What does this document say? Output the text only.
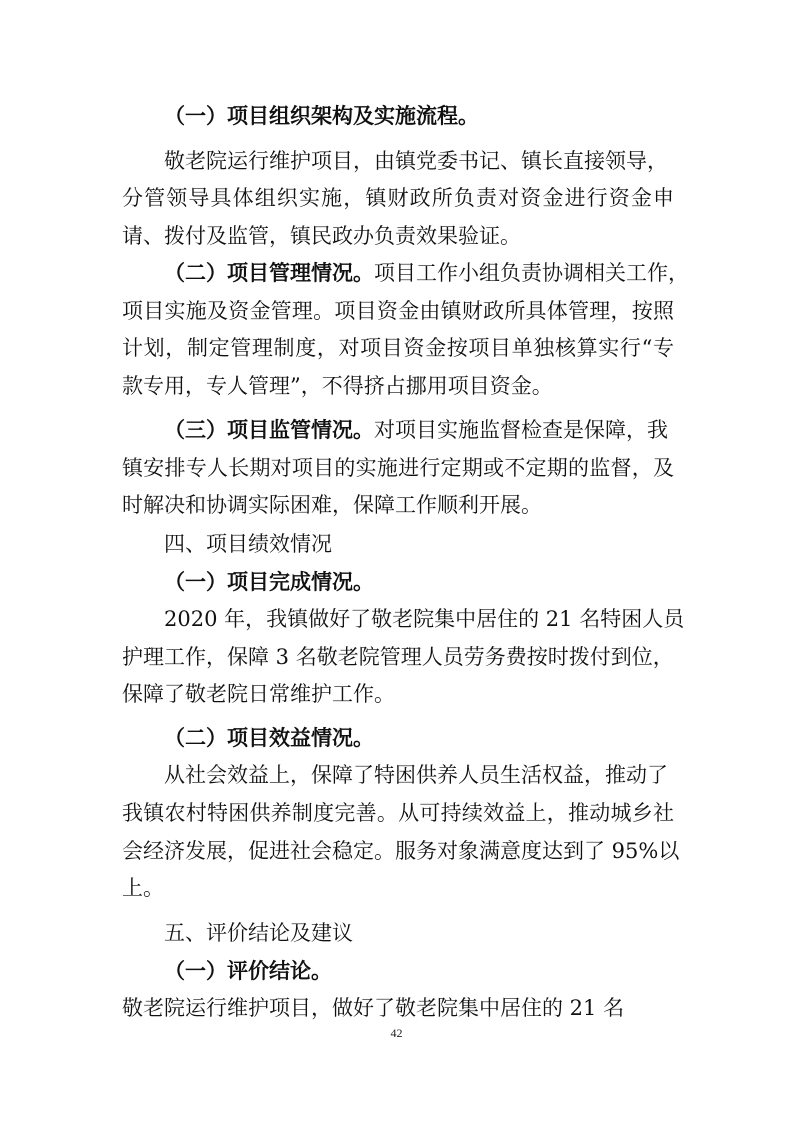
（一）项目组织架构及实施流程。
敬老院运行维护项目，由镇党委书记、镇长直接领导，
分管领导具体组织实施，镇财政所负责对资金进行资金申
请、拨付及监管，镇民政办负责效果验证。
（二）项目管理情况。项目工作小组负责协调相关工作，
项目实施及资金管理。项目资金由镇财政所具体管理，按照
计划，制定管理制度，对项目资金按项目单独核算实行“专
款专用，专人管理”，不得挤占挪用项目资金。
（三）项目监管情况。对项目实施监督检查是保障，我
镇安排专人长期对项目的实施进行定期或不定期的监督，及
时解决和协调实际困难，保障工作顺利开展。
四、项目绩效情况
（一）项目完成情况。
2020 年，我镇做好了敬老院集中居住的 21 名特困人员
护理工作，保障 3 名敬老院管理人员劳务费按时拨付到位，
保障了敬老院日常维护工作。
（二）项目效益情况。
从社会效益上，保障了特困供养人员生活权益，推动了
我镇农村特困供养制度完善。从可持续效益上，推动城乡社
会经济发展，促进社会稳定。服务对象满意度达到了 95%以
上。
五、评价结论及建议
（一）评价结论。
敬老院运行维护项目，做好了敬老院集中居住的 21 名
42
